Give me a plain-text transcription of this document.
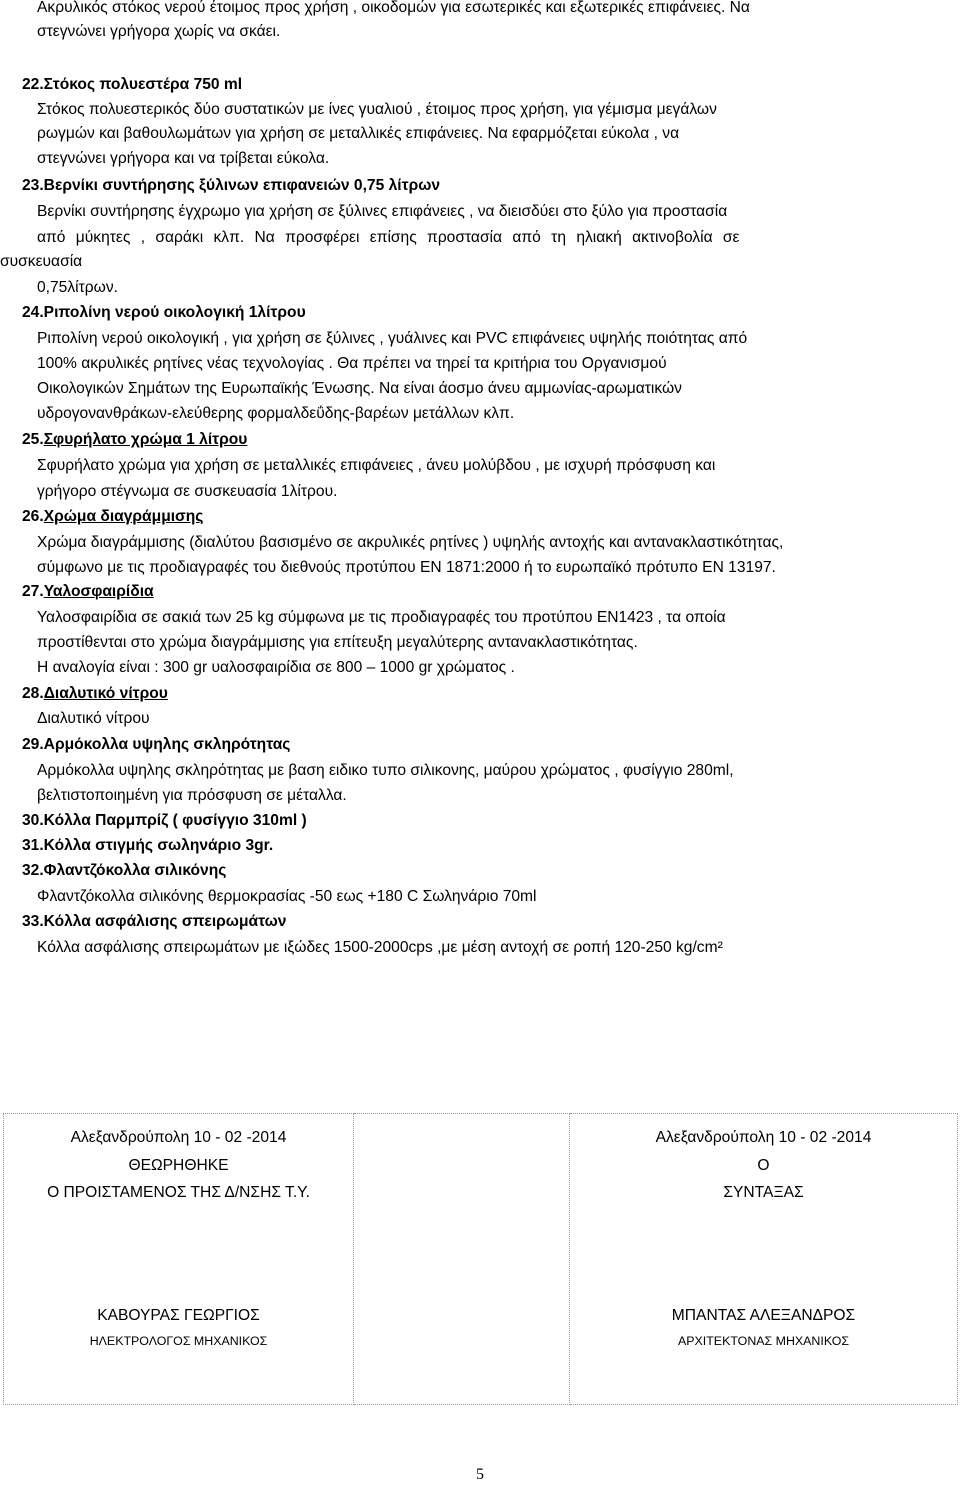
Ακρυλικός στόκος νερού έτοιμος προς χρήση , οικοδομών για εσωτερικές και εξωτερικές επιφάνειες. Να
στεγνώνει γρήγορα χωρίς να σκάει.
22.Στόκος πολυεστέρα 750 ml
Στόκος πολυεστερικός δύο συστατικών με ίνες γυαλιού , έτοιμος προς χρήση, για γέμισμα μεγάλων
ρωγμών και βαθουλωμάτων για χρήση σε μεταλλικές επιφάνειες. Να εφαρμόζεται εύκολα , να
στεγνώνει γρήγορα και να τρίβεται εύκολα.
23.Βερνίκι συντήρησης ξύλινων επιφανειών 0,75 λίτρων
Βερνίκι συντήρησης έγχρωμο για χρήση σε ξύλινες επιφάνειες , να διεισδύει στο ξύλο για προστασία
από μύκητες , σαράκι κλπ. Να προσφέρει επίσης προστασία από τη ηλιακή ακτινοβολία σε
συσκευασία
0,75λίτρων.
24.Ριπολίνη νερού οικολογική 1λίτρου
Ριπολίνη νερού οικολογική , για χρήση σε ξύλινες , γυάλινες και PVC επιφάνειες υψηλής ποιότητας από
100% ακρυλικές ρητίνες νέας τεχνολογίας . Θα πρέπει να τηρεί τα κριτήρια του Οργανισμού
Οικολογικών Σημάτων της Ευρωπαϊκής Ένωσης. Να είναι άοσμο άνευ αμμωνίας-αρωματικών
υδρογονανθράκων-ελεύθερης φορμαλδεΰδης-βαρέων μετάλλων κλπ.
25.Σφυρήλατο χρώμα 1 λίτρου
Σφυρήλατο χρώμα για χρήση σε μεταλλικές επιφάνειες , άνευ μολύβδου , με ισχυρή πρόσφυση και
γρήγορο στέγνωμα σε συσκευασία 1λίτρου.
26.Χρώμα διαγράμμισης
Χρώμα διαγράμμισης (διαλύτου βασισμένο σε ακρυλικές ρητίνες ) υψηλής αντοχής και αντανακλαστικότητας,
σύμφωνο με τις προδιαγραφές του διεθνούς προτύπου EN 1871:2000 ή το ευρωπαϊκό πρότυπο EN 13197.
27.Υαλοσφαιρίδια
Υαλοσφαιρίδια σε σακιά των 25 kg σύμφωνα με τις προδιαγραφές του προτύπου ΕΝ1423 , τα οποία
προστίθενται στο χρώμα διαγράμμισης για επίτευξη μεγαλύτερης αντανακλαστικότητας.
Η αναλογία είναι : 300 gr υαλοσφαιρίδια σε 800 – 1000 gr χρώματος .
28.Διαλυτικό νίτρου
Διαλυτικό νίτρου
29.Αρμόκολλα υψηλης σκληρότητας
Αρμόκολλα υψηλης σκληρότητας με βαση ειδικο τυπο σιλικονης, μαύρου χρώματος , φυσίγγιο 280ml,
βελτιστοποιημένη για πρόσφυση σε μέταλλα.
30.Κόλλα Παρμπρίζ ( φυσίγγιο 310ml )
31.Κόλλα στιγμής σωληνάριο 3gr.
32.Φλαντζόκολλα σιλικόνης
Φλαντζόκολλα σιλικόνης θερμοκρασίας -50 εως +180 C Σωληνάριο 70ml
33.Κόλλα ασφάλισης σπειρωμάτων
Κόλλα ασφάλισης σπειρωμάτων με ιξώδες 1500-2000cps ,με μέση αντοχή σε ροπή 120-250 kg/cm²
Αλεξανδρούπολη 10 - 02 -2014
ΘΕΩΡΗΘΗΚΕ
Ο ΠΡΟΙΣΤΑΜΕΝΟΣ ΤΗΣ Δ/ΝΣΗΣ Τ.Υ.
ΚΑΒΟΥΡΑΣ ΓΕΩΡΓΙΟΣ
ΗΛΕΚΤΡΟΛΟΓΟΣ ΜΗΧΑΝΙΚΟΣ

Αλεξανδρούπολη 10 - 02 -2014
Ο
ΣΥΝΤΑΞΑΣ
ΜΠΑΝΤΑΣ ΑΛΕΞΑΝΔΡΟΣ
ΑΡΧΙΤΕΚΤΟΝΑΣ ΜΗΧΑΝΙΚΟΣ
5
